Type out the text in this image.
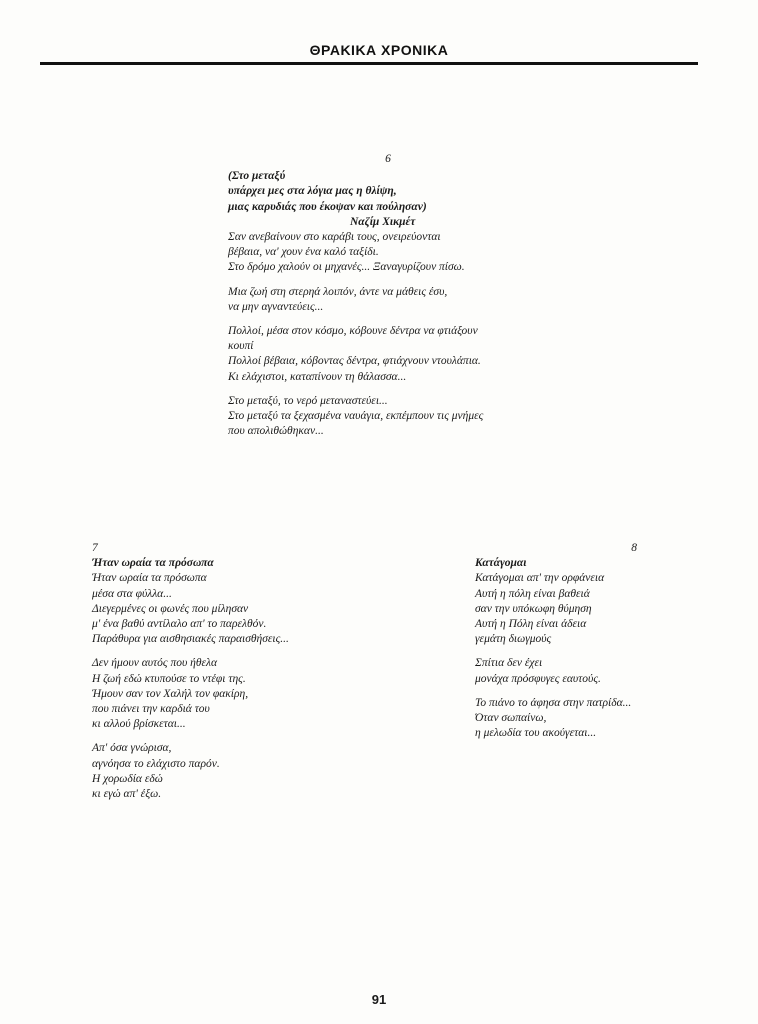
ΘΡΑΚΙΚΑ ΧΡΟΝΙΚΑ
6
(Στο μεταξύ
υπάρχει μες στα λόγια μας η θλίψη,
μιας καρυδιάς που έκοψαν και πούλησαν)
Ναζίμ Χικμέτ
Σαν ανεβαίνουν στο καράβι τους, ονειρεύονται
βέβαια, να' χουν ένα καλό ταξίδι.
Στο δρόμο χαλούν οι μηχανές... Ξαναγυρίζουν πίσω.
Μια ζωή στη στερηά λοιπόν, άντε να μάθεις έσυ,
να μην αγναντεύεις...
Πολλοί, μέσα στον κόσμο, κόβουνε δέντρα να φτιάξουν
κουπί
Πολλοί βέβαια, κόβοντας δέντρα, φτιάχνουν ντουλάπια.
Κι ελάχιστοι, καταπίνουν τη θάλασσα...
Στο μεταξύ, το νερό μεταναστεύει...
Στο μεταξύ τα ξεχασμένα ναυάγια, εκπέμπουν τις μνήμες
που απολιθώθηκαν...
7
Ήταν ωραία τα πρόσωπα
Ήταν ωραία τα πρόσωπα
μέσα στα φύλλα...
Διεγερμένες οι φωνές που μίλησαν
μ' ένα βαθύ αντίλαλο απ' το παρελθόν.
Παράθυρα για αισθησιακές παραισθήσεις...
Δεν ήμουν αυτός που ήθελα
Η ζωή εδώ κτυπούσε το ντέφι της.
Ήμουν σαν τον Χαλήλ τον φακίρη,
που πιάνει την καρδιά του
κι αλλού βρίσκεται...
Απ' όσα γνώρισα,
αγνόησα το ελάχιστο παρόν.
Η χορωδία εδώ
κι εγώ απ' έξω.
8
Κατάγομαι
Κατάγομαι απ' την ορφάνεια
Αυτή η πόλη είναι βαθειά
σαν την υπόκωφη θύμηση
Αυτή η Πόλη είναι άδεια
γεμάτη διωγμούς
Σπίτια δεν έχει
μονάχα πρόσφυγες εαυτούς.
Το πιάνο το άφησα στην πατρίδα...
Όταν σωπαίνω,
η μελωδία του ακούγεται...
91
